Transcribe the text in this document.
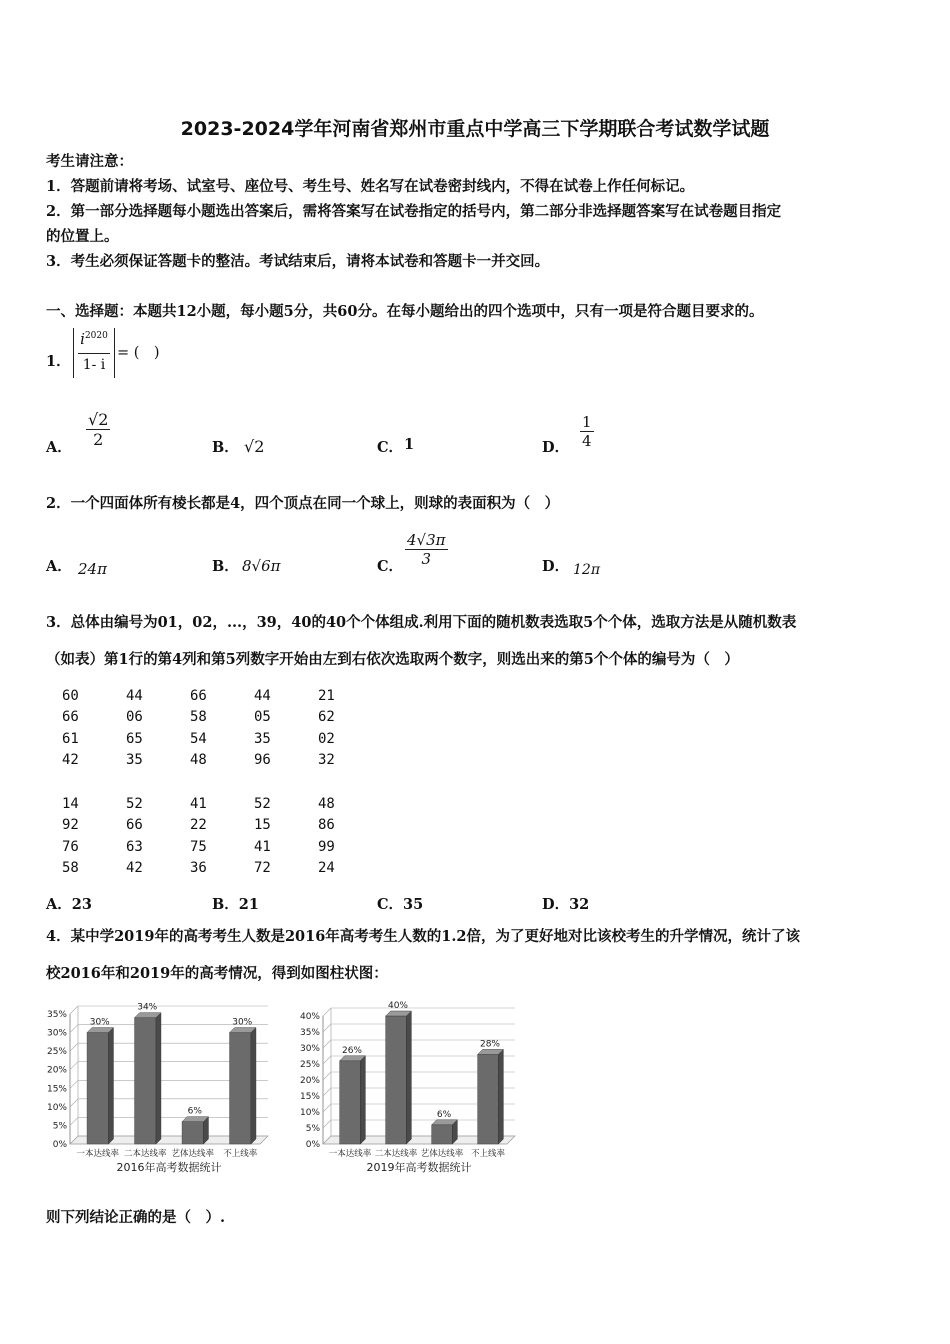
2023-2024学年河南省郑州市重点中学高三下学期联合考试数学试题
考生请注意：
1．答题前请将考场、试室号、座位号、考生号、姓名写在试卷密封线内，不得在试卷上作任何标记。
2．第一部分选择题每小题选出答案后，需将答案写在试卷指定的括号内，第二部分非选择题答案写在试卷题目指定
的位置上。
3．考生必须保证答题卡的整洁。考试结束后，请将本试卷和答题卡一并交回。
一、选择题：本题共12小题，每小题5分，共60分。在每小题给出的四个选项中，只有一项是符合题目要求的。
1．
$i^{2020}$
1- i
= (　)
A． $\frac{√2}{2}$	B． √2	C． 1	D． $\frac{1}{4}$
2．一个四面体所有棱长都是4，四个顶点在同一个球上，则球的表面积为（　）
A． 24π	B． 8√6π	C． $\frac{4√3\pi}{3}$	D． 12π
3．总体由编号为01，02，...，39，40的40个个体组成.利用下面的随机数表选取5个个体，选取方法是从随机数表
（如表）第1行的第4列和第5列数字开始由左到右依次选取两个数字，则选出来的第5个个体的编号为（　）
60	44	66	44	21
66	06	58	05	62
61	65	54	35	02
42	35	48	96	32
14	52	41	52	48
92	66	22	15	86
76	63	75	41	99
58	42	36	72	24
A．23	B．21	C．35	D．32
4．某中学2019年的高考考生人数是2016年高考考生人数的1.2倍，为了更好地对比该校考生的升学情况，统计了该
校2016年和2019年的高考情况，得到如图柱状图：
0%
5%
10%
15%
20%
25%
30%
35%
30%
一本达线率
34%
二本达线率
6%
艺体达线率
30%
不上线率
2016年高考数据统计
0%
5%
10%
15%
20%
25%
30%
35%
40%
26%
一本达线率
40%
二本达线率
6%
艺体达线率
28%
不上线率
2019年高考数据统计
则下列结论正确的是（　）.
